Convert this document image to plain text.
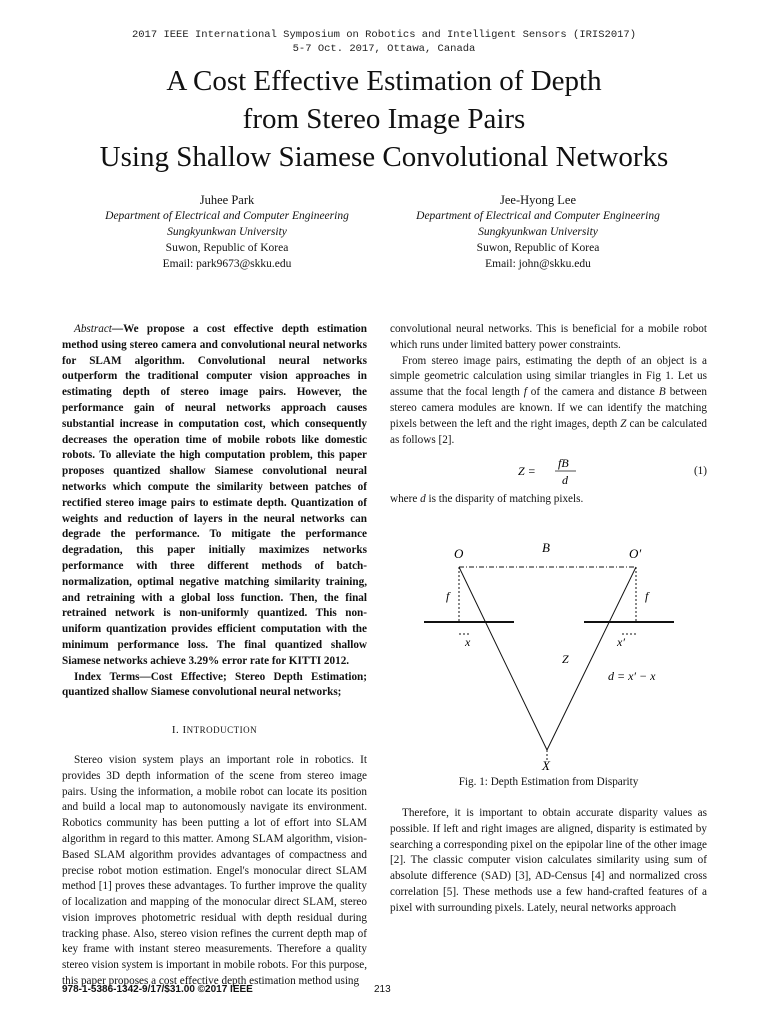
2017 IEEE International Symposium on Robotics and Intelligent Sensors (IRIS2017)
5-7 Oct. 2017, Ottawa, Canada
A Cost Effective Estimation of Depth
from Stereo Image Pairs
Using Shallow Siamese Convolutional Networks
Juhee Park
Department of Electrical and Computer Engineering
Sungkyunkwan University
Suwon, Republic of Korea
Email: park9673@skku.edu
Jee-Hyong Lee
Department of Electrical and Computer Engineering
Sungkyunkwan University
Suwon, Republic of Korea
Email: john@skku.edu

Abstract—We propose a cost effective depth estimation method using stereo camera and convolutional neural networks for SLAM algorithm. Convolutional neural networks outperform the traditional computer vision approaches in estimating depth of stereo image pairs. However, the performance gain of neural networks approach causes substantial increase in computation cost, which consequently decreases the operation time of mobile robots like domestic robots. To alleviate the high computation problem, this paper proposes quantized shallow Siamese convolutional neural networks which compute the similarity between patches of rectified stereo image pairs to estimate depth. Quantization of weights and reduction of layers in the neural networks can degrade the performance. To mitigate the performance degradation, this paper initially maximizes networks performance with three different methods of batch-normalization, optimal negative matching similarity training, and retraining with a global loss function. Then, the final retrained network is non-uniformly quantized. This non-uniform quantization provides efficient computation with the minimum performance loss. The final quantized shallow Siamese networks achieve 3.29% error rate for KITTI 2012.

Index Terms—Cost Effective; Stereo Depth Estimation; quantized shallow Siamese convolutional neural networks;

I. INTRODUCTION

Stereo vision system plays an important role in robotics. It provides 3D depth information of the scene from stereo image pairs. Using the information, a mobile robot can locate its position and build a local map to autonomously navigate its environment. Robotics community has been putting a lot of effort into SLAM algorithm in regard to this matter. Among SLAM algorithm, vision-Based SLAM algorithm provides advantages of compactness and precise robot motion estimation. Engel's monocular direct SLAM method [1] proves these advantages. To further improve the quality of localization and mapping of the monocular direct SLAM, stereo vision improves photometric residual with depth residual during tracking phase. Also, stereo vision refines the current depth map of key frame with instant stereo measurements. Therefore a quality stereo vision system is important in mobile robots. For this purpose, this paper proposes a cost effective depth estimation method using

convolutional neural networks. This is beneficial for a mobile robot which runs under limited battery power constraints.

From stereo image pairs, estimating the depth of an object is a simple geometric calculation using similar triangles in Fig 1. Let us assume that the focal length f of the camera and distance B between stereo camera modules are known. If we can identify the matching pixels between the left and the right images, depth Z can be calculated as follows [2].

Z =
fB
d
(1)

where d is the disparity of matching pixels.

O	B	O′
f	f
x	x′
Z
d = x′ − x
X
Fig. 1: Depth Estimation from Disparity

Therefore, it is important to obtain accurate disparity values as possible. If left and right images are aligned, disparity is estimated by searching a corresponding pixel on the epipolar line of the other image [2]. The classic computer vision calculates similarity using sum of absolute difference (SAD) [3], AD-Census [4] and normalized cross correlation [5]. These methods use a few hand-crafted features of a pixel with surrounding pixels. Lately, neural networks approach

978-1-5386-1342-9/17/$31.00 ©2017 IEEE	213
